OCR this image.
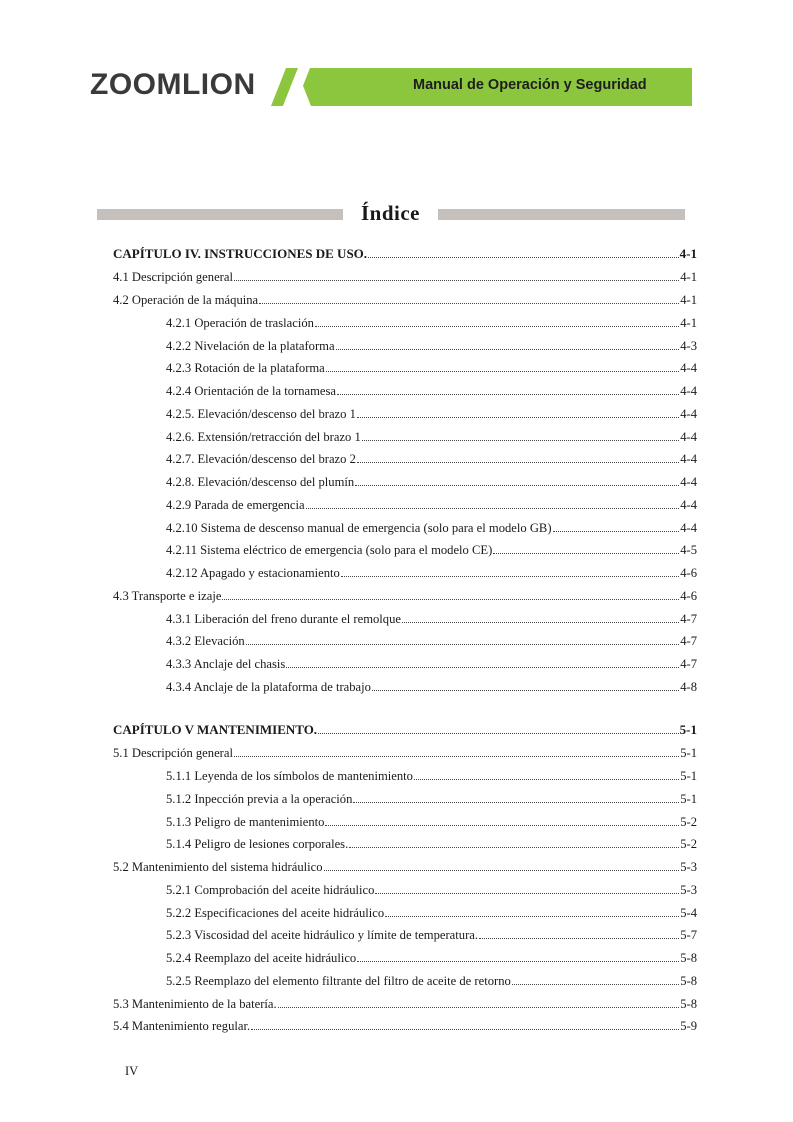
ZOOMLION	Manual de Operación y Seguridad
Índice
CAPÍTULO IV. INSTRUCCIONES DE USO.	4-1
4.1 Descripción general	4-1
4.2 Operación de la máquina	4-1
4.2.1 Operación de traslación	4-1
4.2.2 Nivelación de la plataforma	4-3
4.2.3 Rotación de la plataforma	4-4
4.2.4 Orientación de la tornamesa	4-4
4.2.5. Elevación/descenso del brazo 1	4-4
4.2.6. Extensión/retracción del brazo 1	4-4
4.2.7. Elevación/descenso del brazo 2	4-4
4.2.8. Elevación/descenso del plumín	4-4
4.2.9 Parada de emergencia	4-4
4.2.10 Sistema de descenso manual de emergencia (solo para el modelo GB)	4-4
4.2.11 Sistema eléctrico de emergencia (solo para el modelo CE)	4-5
4.2.12 Apagado y estacionamiento	4-6
4.3 Transporte e izaje	4-6
4.3.1 Liberación del freno durante el remolque	4-7
4.3.2 Elevación	4-7
4.3.3 Anclaje del chasis	4-7
4.3.4 Anclaje de la plataforma de trabajo	4-8
CAPÍTULO V MANTENIMIENTO.	5-1
5.1 Descripción general	5-1
5.1.1 Leyenda de los símbolos de mantenimiento	5-1
5.1.2 Inpección previa a la operación	5-1
5.1.3 Peligro de mantenimiento	5-2
5.1.4 Peligro de lesiones corporales.	5-2
5.2 Mantenimiento del sistema hidráulico	5-3
5.2.1 Comprobación del aceite hidráulico	5-3
5.2.2 Especificaciones del aceite hidráulico	5-4
5.2.3 Viscosidad del aceite hidráulico y límite de temperatura.	5-7
5.2.4 Reemplazo del aceite hidráulico	5-8
5.2.5 Reemplazo del elemento filtrante del filtro de aceite de retorno	5-8
5.3 Mantenimiento de la batería.	5-8
5.4 Mantenimiento regular.	5-9
IV
